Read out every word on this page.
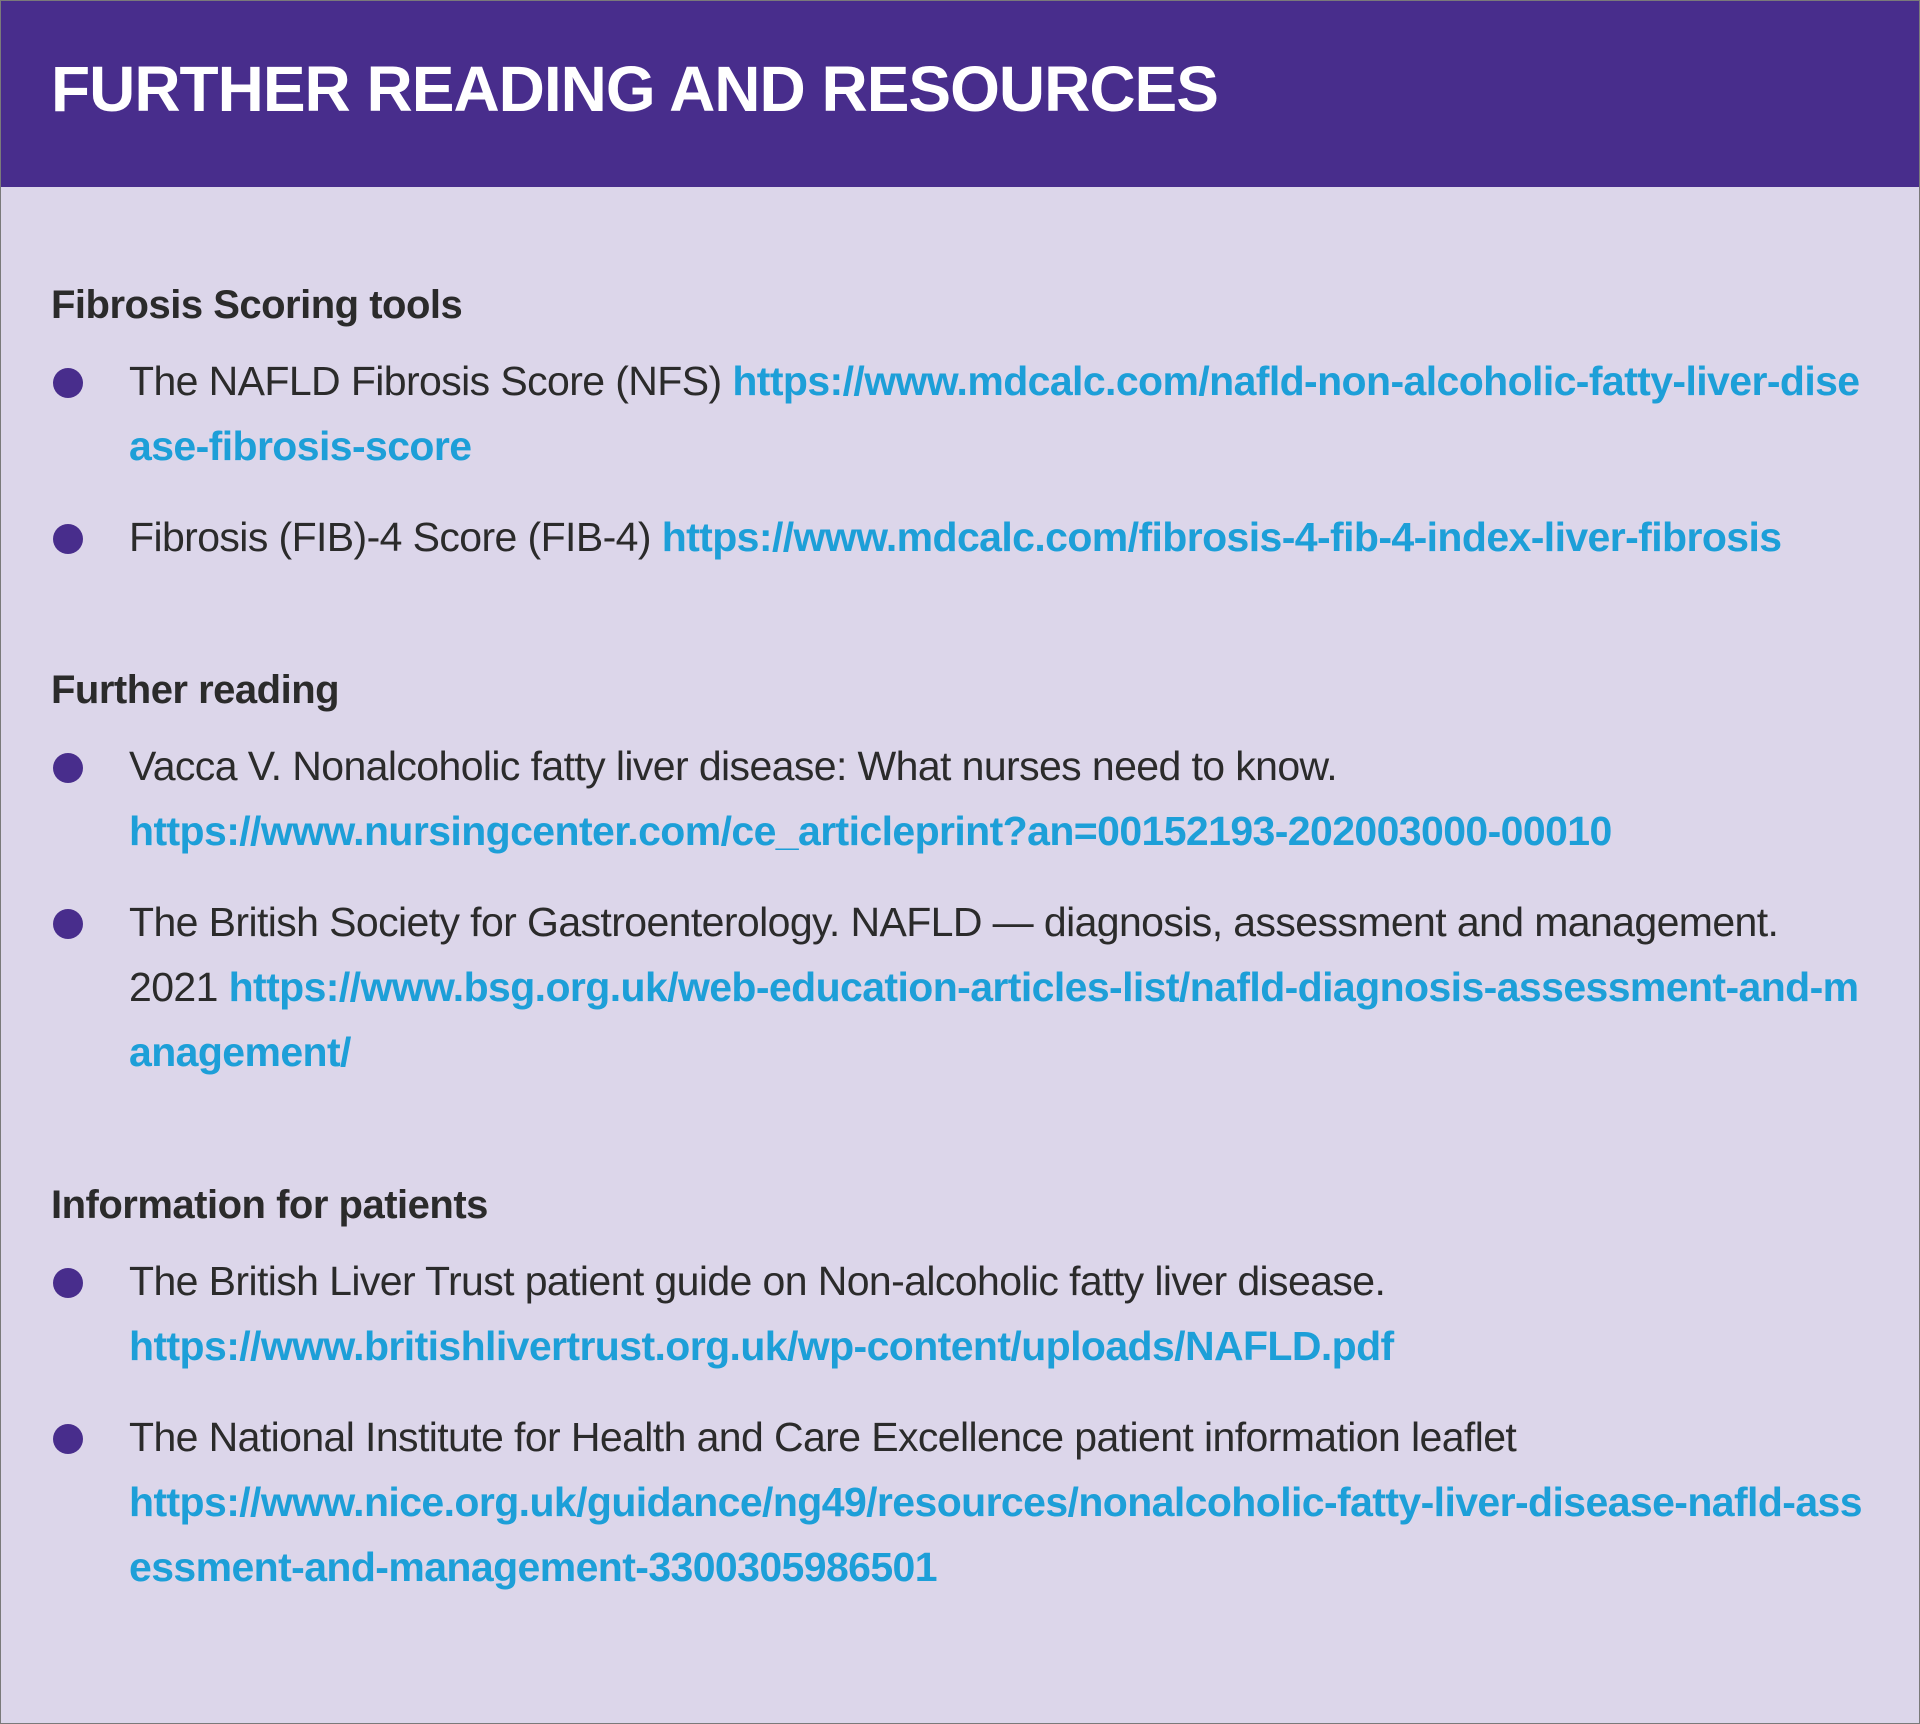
FURTHER READING AND RESOURCES
Fibrosis Scoring tools
The NAFLD Fibrosis Score (NFS) https://www.mdcalc.com/nafld-non-alcoholic-fatty-liver-disease-fibrosis-score
Fibrosis (FIB)-4 Score (FIB-4) https://www.mdcalc.com/fibrosis-4-fib-4-index-liver-fibrosis
Further reading
Vacca V. Nonalcoholic fatty liver disease: What nurses need to know.
https://www.nursingcenter.com/ce_articleprint?an=00152193-202003000-00010
The British Society for Gastroenterology. NAFLD — diagnosis, assessment and management. 2021 https://www.bsg.org.uk/web-education-articles-list/nafld-diagnosis-assessment-and-management/
Information for patients
The British Liver Trust patient guide on Non-alcoholic fatty liver disease.
https://www.britishlivertrust.org.uk/wp-content/uploads/NAFLD.pdf
The National Institute for Health and Care Excellence patient information leaflet
https://www.nice.org.uk/guidance/ng49/resources/nonalcoholic-fatty-liver-disease-nafld-assessment-and-management-3300305986501
